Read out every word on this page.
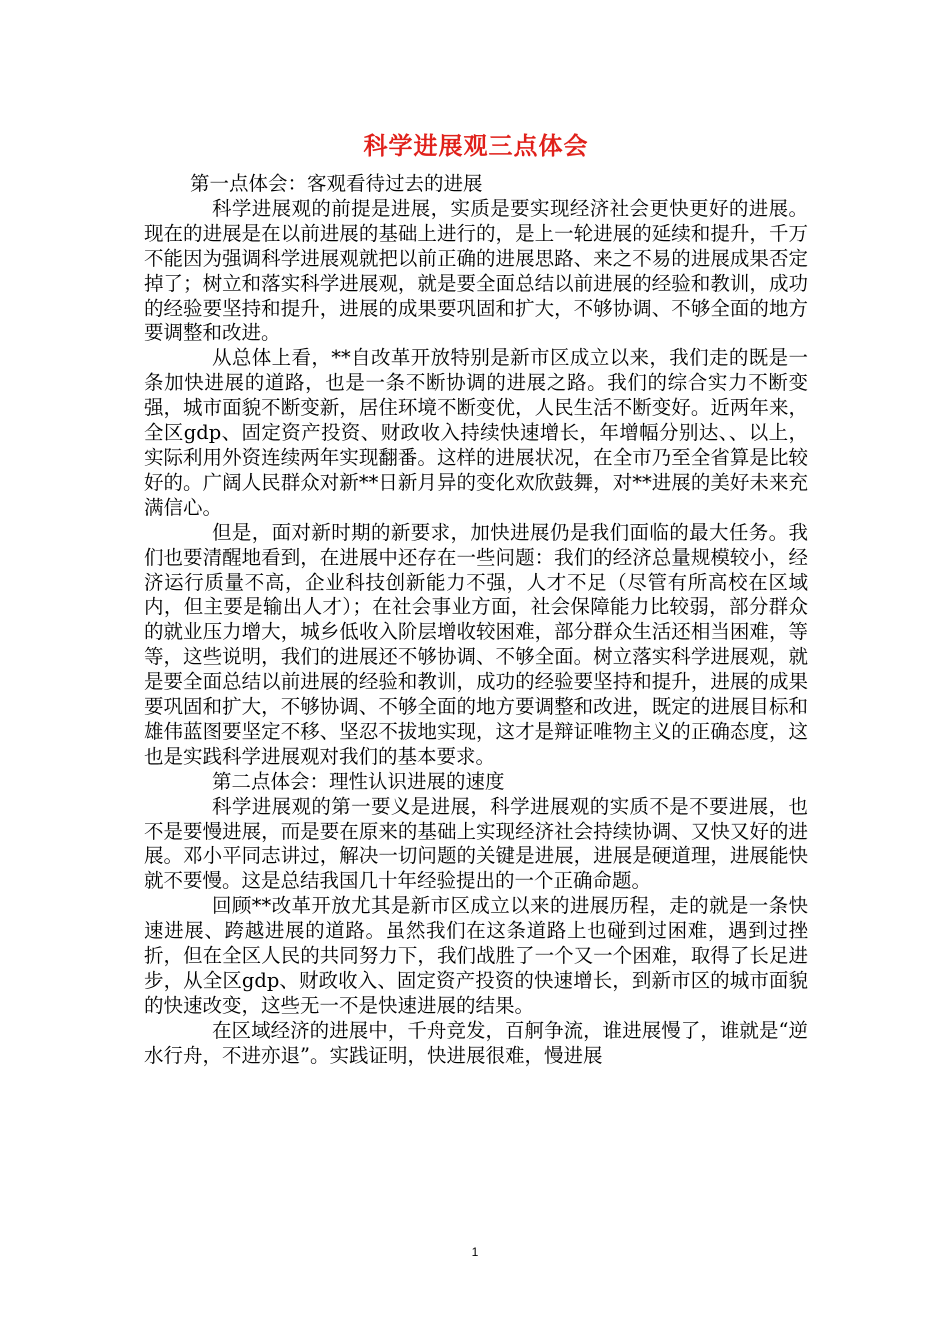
科学进展观三点体会

第一点体会：客观看待过去的进展

科学进展观的前提是进展，实质是要实现经济社会更快更好的进展。现在的进展是在以前进展的基础上进行的，是上一轮进展的延续和提升，千万不能因为强调科学进展观就把以前正确的进展思路、来之不易的进展成果否定掉了；树立和落实科学进展观，就是要全面总结以前进展的经验和教训，成功的经验要坚持和提升，进展的成果要巩固和扩大，不够协调、不够全面的地方要调整和改进。

从总体上看，**自改革开放特别是新市区成立以来，我们走的既是一条加快进展的道路，也是一条不断协调的进展之路。我们的综合实力不断变强，城市面貌不断变新，居住环境不断变优，人民生活不断变好。近两年来，全区gdp、固定资产投资、财政收入持续快速增长，年增幅分别达、、以上，实际利用外资连续两年实现翻番。这样的进展状况，在全市乃至全省算是比较好的。广阔人民群众对新**日新月异的变化欢欣鼓舞，对**进展的美好未来充满信心。

但是，面对新时期的新要求，加快进展仍是我们面临的最大任务。我们也要清醒地看到，在进展中还存在一些问题：我们的经济总量规模较小，经济运行质量不高，企业科技创新能力不强，人才不足（尽管有所高校在区域内，但主要是输出人才）；在社会事业方面，社会保障能力比较弱，部分群众的就业压力增大，城乡低收入阶层增收较困难，部分群众生活还相当困难，等等，这些说明，我们的进展还不够协调、不够全面。树立落实科学进展观，就是要全面总结以前进展的经验和教训，成功的经验要坚持和提升，进展的成果要巩固和扩大，不够协调、不够全面的地方要调整和改进，既定的进展目标和雄伟蓝图要坚定不移、坚忍不拔地实现，这才是辩证唯物主义的正确态度，这也是实践科学进展观对我们的基本要求。

第二点体会：理性认识进展的速度

科学进展观的第一要义是进展，科学进展观的实质不是不要进展，也不是要慢进展，而是要在原来的基础上实现经济社会持续协调、又快又好的进展。邓小平同志讲过，解决一切问题的关键是进展，进展是硬道理，进展能快就不要慢。这是总结我国几十年经验提出的一个正确命题。

回顾**改革开放尤其是新市区成立以来的进展历程，走的就是一条快速进展、跨越进展的道路。虽然我们在这条道路上也碰到过困难，遇到过挫折，但在全区人民的共同努力下，我们战胜了一个又一个困难，取得了长足进步，从全区gdp、财政收入、固定资产投资的快速增长，到新市区的城市面貌的快速改变，这些无一不是快速进展的结果。

在区域经济的进展中，千舟竞发，百舸争流，谁进展慢了，谁就是“逆水行舟，不进亦退”。实践证明，快进展很难，慢进展

1
